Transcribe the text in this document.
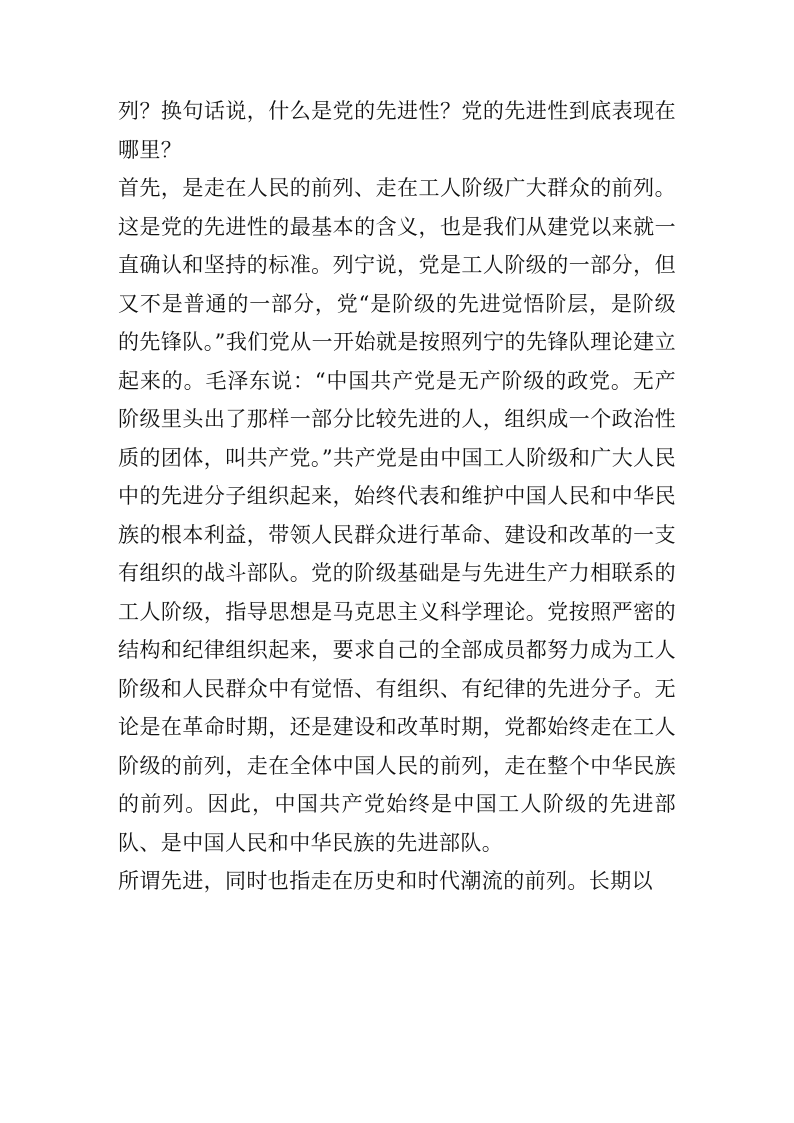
列？换句话说，什么是党的先进性？党的先进性到底表现在哪里？

首先，是走在人民的前列、走在工人阶级广大群众的前列。这是党的先进性的最基本的含义，也是我们从建党以来就一直确认和坚持的标准。列宁说，党是工人阶级的一部分，但又不是普通的一部分，党“是阶级的先进觉悟阶层，是阶级的先锋队。”我们党从一开始就是按照列宁的先锋队理论建立起来的。毛泽东说：“中国共产党是无产阶级的政党。无产阶级里头出了那样一部分比较先进的人，组织成一个政治性质的团体，叫共产党。”共产党是由中国工人阶级和广大人民中的先进分子组织起来，始终代表和维护中国人民和中华民族的根本利益，带领人民群众进行革命、建设和改革的一支有组织的战斗部队。党的阶级基础是与先进生产力相联系的工人阶级，指导思想是马克思主义科学理论。党按照严密的结构和纪律组织起来，要求自己的全部成员都努力成为工人阶级和人民群众中有觉悟、有组织、有纪律的先进分子。无论是在革命时期，还是建设和改革时期，党都始终走在工人阶级的前列，走在全体中国人民的前列，走在整个中华民族的前列。因此，中国共产党始终是中国工人阶级的先进部队、是中国人民和中华民族的先进部队。

所谓先进，同时也指走在历史和时代潮流的前列。长期以
